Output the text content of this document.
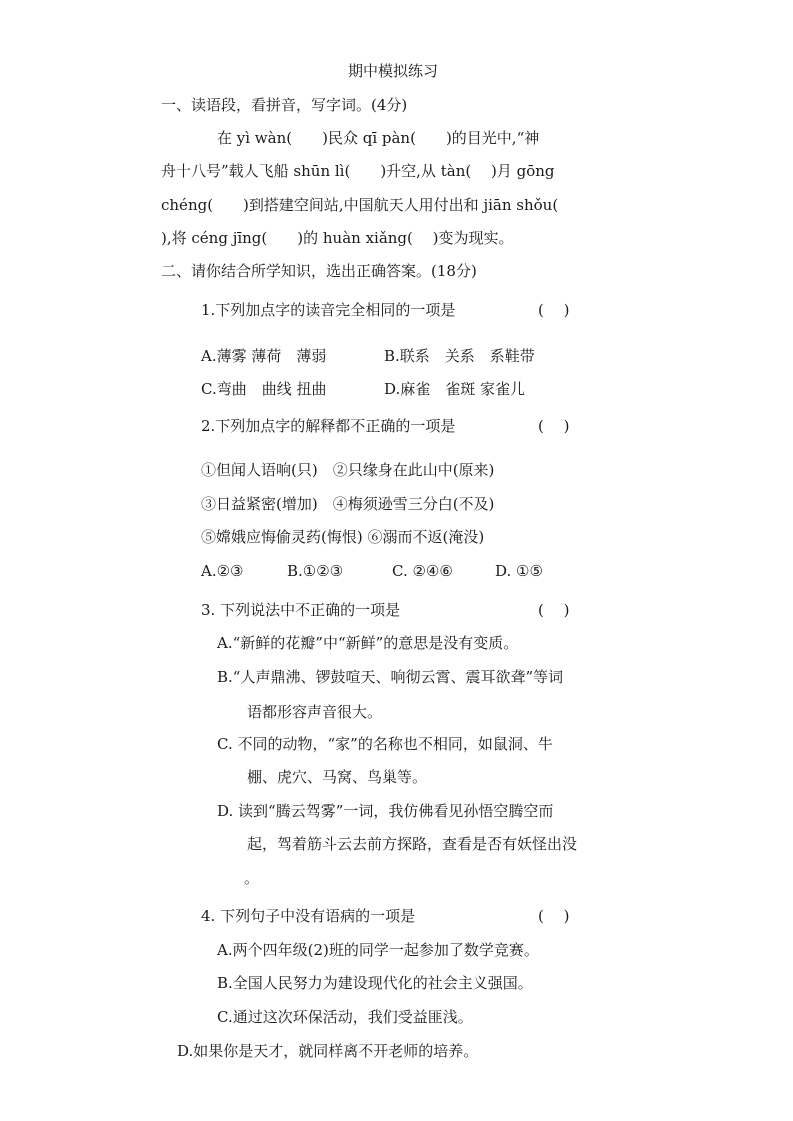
期中模拟练习
一、读语段，看拼音，写字词。(4分)
在 yì wàn(　　)民众 qī pàn(　　)的目光中,“神
舟十八号”载人飞船 shūn lì(　　)升空,从 tàn(　 )月 gōng
chéng(　　)到搭建空间站,中国航天人用付出和 jiān shǒu(
),将 céng jīng(　　)的 huàn xiǎng(　 )变为现实。
二、请你结合所学知识，选出正确答案。(18分)
1.下列加点字的读音完全相同的一项是	(　 )
A.薄雾 薄荷　薄弱	B.联系　关系　系鞋带
C.弯曲　曲线 扭曲	D.麻雀　雀斑 家雀儿
2.下列加点字的解释都不正确的一项是	(　 )
①但闻人语响(只)　②只缘身在此山中(原来)
③日益紧密(增加)　④梅须逊雪三分白(不及)
⑤嫦娥应悔偷灵药(悔恨) ⑥溺而不返(淹没)
A.②③	B.①②③	C. ②④⑥	D. ①⑤
3. 下列说法中不正确的一项是	(　 )
A.“新鲜的花瓣”中“新鲜”的意思是没有变质。
B.“人声鼎沸、锣鼓喧天、响彻云霄、震耳欲聋”等词
语都形容声音很大。
C. 不同的动物，“家”的名称也不相同，如鼠洞、牛
棚、虎穴、马窝、鸟巢等。
D. 读到“腾云驾雾”一词，我仿佛看见孙悟空腾空而
起，驾着筋斗云去前方探路，查看是否有妖怪出没
。
4. 下列句子中没有语病的一项是	(　 )
A.两个四年级(2)班的同学一起参加了数学竞赛。
B.全国人民努力为建设现代化的社会主义强国。
C.通过这次环保活动，我们受益匪浅。
D.如果你是天才，就同样离不开老师的培养。
